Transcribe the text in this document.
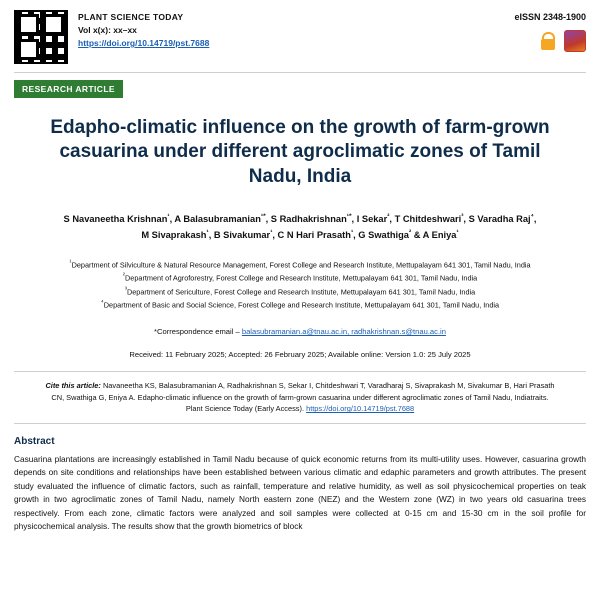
PLANT SCIENCE TODAY
Vol x(x): xx–xx
https://doi.org/10.14719/pst.7688
eISSN 2348-1900
RESEARCH ARTICLE
Edapho-climatic influence on the growth of farm-grown casuarina under different agroclimatic zones of Tamil Nadu, India
S Navaneetha Krishnan$^{^1}$, A Balasubramanian$^{^1*}$, S Radhakrishnan$^{^1*}$, I Sekar$^{^2}$, T Chitdeshwari$^{^3}$, S Varadha Raj$^{^4}$,
M Sivaprakash$^{^1}$, B Sivakumar$^{^1}$, C N Hari Prasath$^{^1}$, G Swathiga$^{^2}$ & A Eniya$^{^1}$
$^{^1}$Department of Silviculture & Natural Resource Management, Forest College and Research Institute, Mettupalayam 641 301, Tamil Nadu, India
$^{^2}$Department of Agroforestry, Forest College and Research Institute, Mettupalayam 641 301, Tamil Nadu, India
$^{^3}$Department of Sericulture, Forest College and Research Institute, Mettupalayam 641 301, Tamil Nadu, India
$^{^4}$Department of Basic and Social Science, Forest College and Research Institute, Mettupalayam 641 301, Tamil Nadu, India
*Correspondence email – balasubramanian.a@tnau.ac.in, radhakrishnan.s@tnau.ac.in
Received: 11 February 2025; Accepted: 26 February 2025; Available online: Version 1.0: 25 July 2025
Cite this article: Navaneetha KS, Balasubramanian A, Radhakrishnan S, Sekar I, Chitdeshwari T, Varadharaj S, Sivaprakash M, Sivakumar B, Hari Prasath CN, Swathiga G, Eniya A. Edapho-climatic influence on the growth of farm-grown casuarina under different agroclimatic zones of Tamil Nadu, Indiatraits. Plant Science Today (Early Access). https://doi.org/10.14719/pst.7688
Abstract
Casuarina plantations are increasingly established in Tamil Nadu because of quick economic returns from its multi-utility uses. However, casuarina growth depends on site conditions and relationships have been established between various climatic and edaphic parameters and growth attributes. The present study evaluated the influence of climatic factors, such as rainfall, temperature and relative humidity, as well as soil physicochemical properties on teak growth in two agroclimatic zones of Tamil Nadu, namely North eastern zone (NEZ) and the Western zone (WZ) in two years old casuarina trees respectively. From each zone, climatic factors were analyzed and soil samples were collected at 0-15 cm and 15-30 cm in the soil profile for physicochemical analysis. The results show that the growth biometrics of block
